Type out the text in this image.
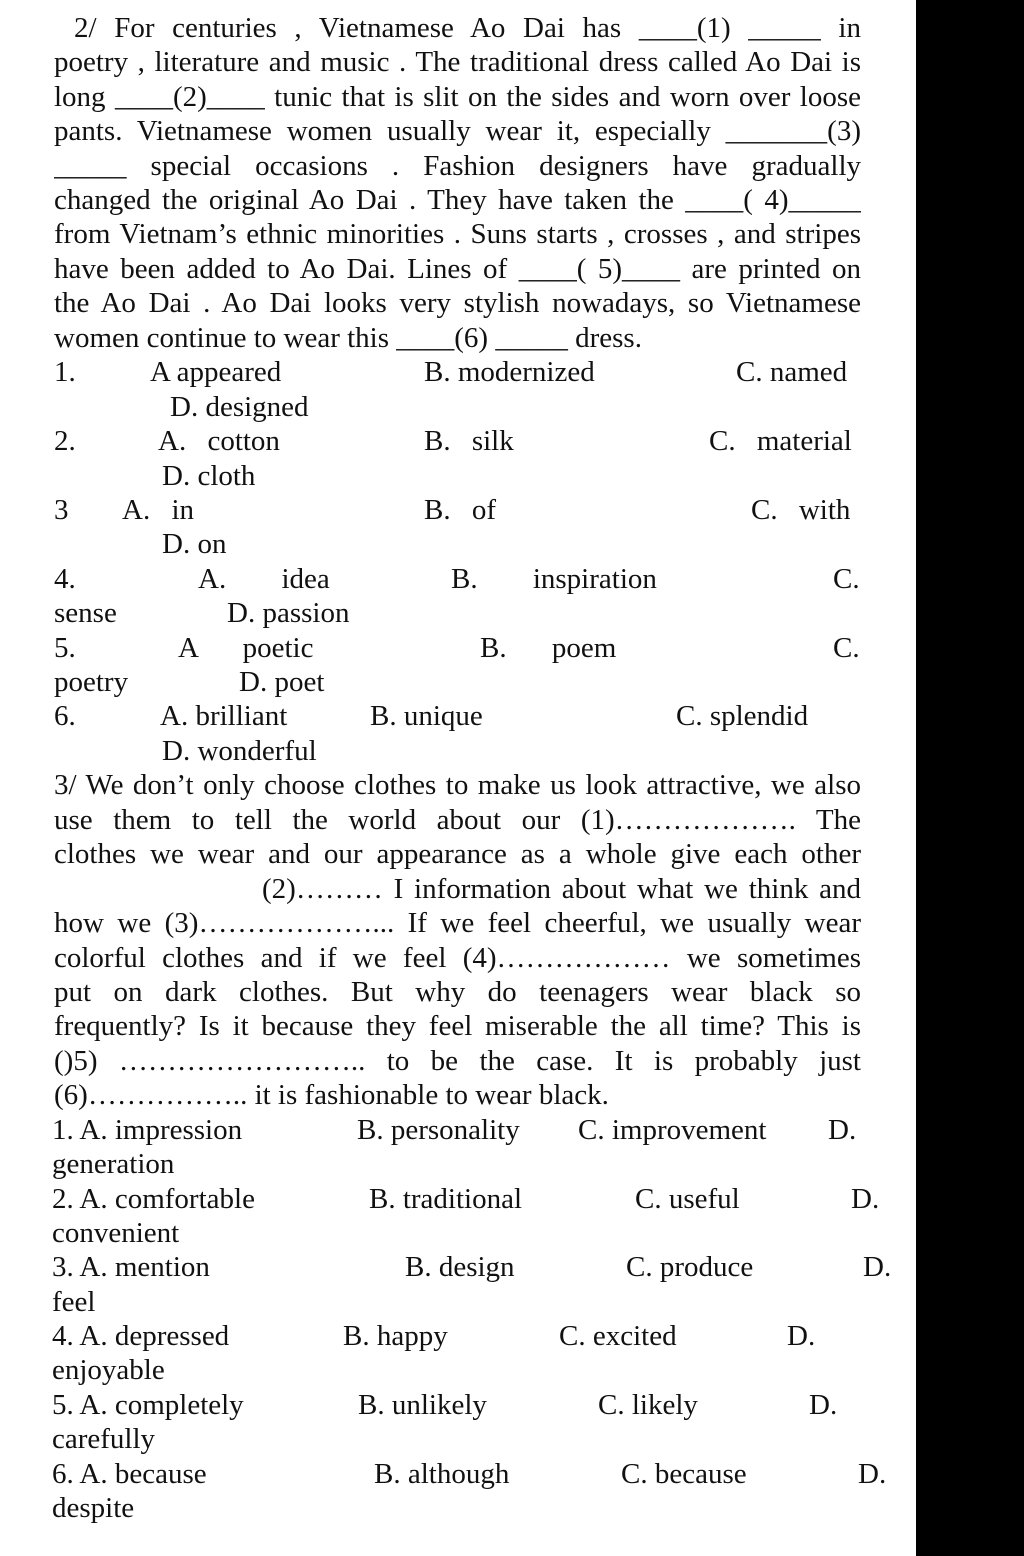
2/ For centuries , Vietnamese Ao Dai has ____(1) _____ in
poetry , literature and music . The traditional dress called Ao Dai is
long ____(2)____ tunic that is slit on the sides and worn over loose
pants. Vietnamese women usually wear it, especially _______(3)
_____ special occasions . Fashion designers have gradually
changed the original Ao Dai . They have taken the ____( 4)_____
from Vietnam’s ethnic minorities . Suns starts , crosses , and stripes
have been added to Ao Dai. Lines of ____( 5)____ are printed on
the Ao Dai . Ao Dai looks very stylish nowadays, so Vietnamese
women continue to wear this ____(6) _____ dress.
1.	A appeared	B. modernized	C. named
D. designed
2.	A. cotton	B. silk	C. material
D. cloth
3 A. in	B. of	C. with
D. on
4.	A. idea	B. inspiration	C.
sense	D. passion
5.	A poetic	B. poem	C.
poetry	D. poet
6.	A. brilliant	B. unique	C. splendid
D. wonderful
3/ We don’t only choose clothes to make us look attractive, we also
use them to tell the world about our (1)………………. The
clothes we wear and our appearance as a whole give each other
(2)……… I information about what we think and
how we (3)………………... If we feel cheerful, we usually wear
colorful clothes and if we feel (4)……………… we sometimes
put on dark clothes. But why do teenagers wear black so
frequently? Is it because they feel miserable the all time? This is
()5) …………………….. to be the case. It is probably just
(6)…………….. it is fashionable to wear black.
1. A. impression	B. personality C. improvement D.
generation
2. A. comfortable	B. traditional	C. useful	D.
convenient
3. A. mention	B. design	C. produce	D.
feel
4. A. depressed	B. happy	C. excited	D.
enjoyable
5. A. completely	B. unlikely	C. likely	D.
carefully
6. A. because	B. although	C. because	D.
despite
